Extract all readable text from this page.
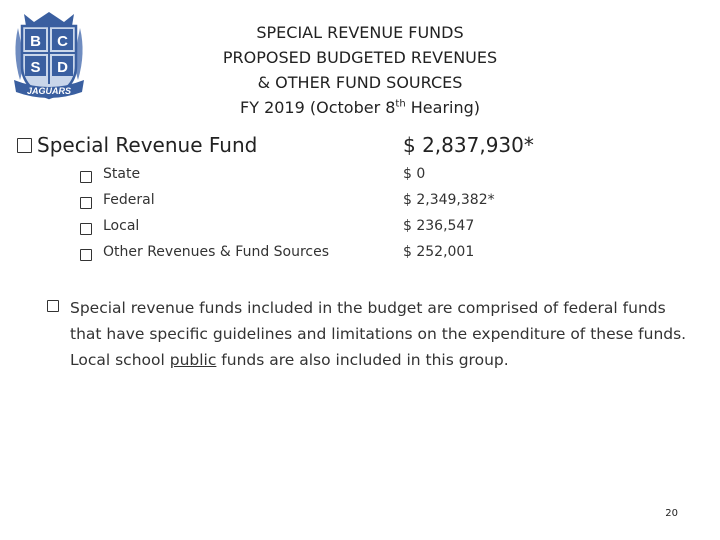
B C
S D
JAGUARS
SPECIAL REVENUE FUNDS
PROPOSED BUDGETED REVENUES
& OTHER FUND SOURCES
FY 2019 (October 8th Hearing)
Special Revenue Fund	$ 2,837,930*
State	$ 0
Federal	$ 2,349,382*
Local	$ 236,547
Other Revenues & Fund Sources	$ 252,001
Special revenue funds included in the budget are comprised of federal funds that have specific guidelines and limitations on the expenditure of these funds. Local school public funds are also included in this group.
20
